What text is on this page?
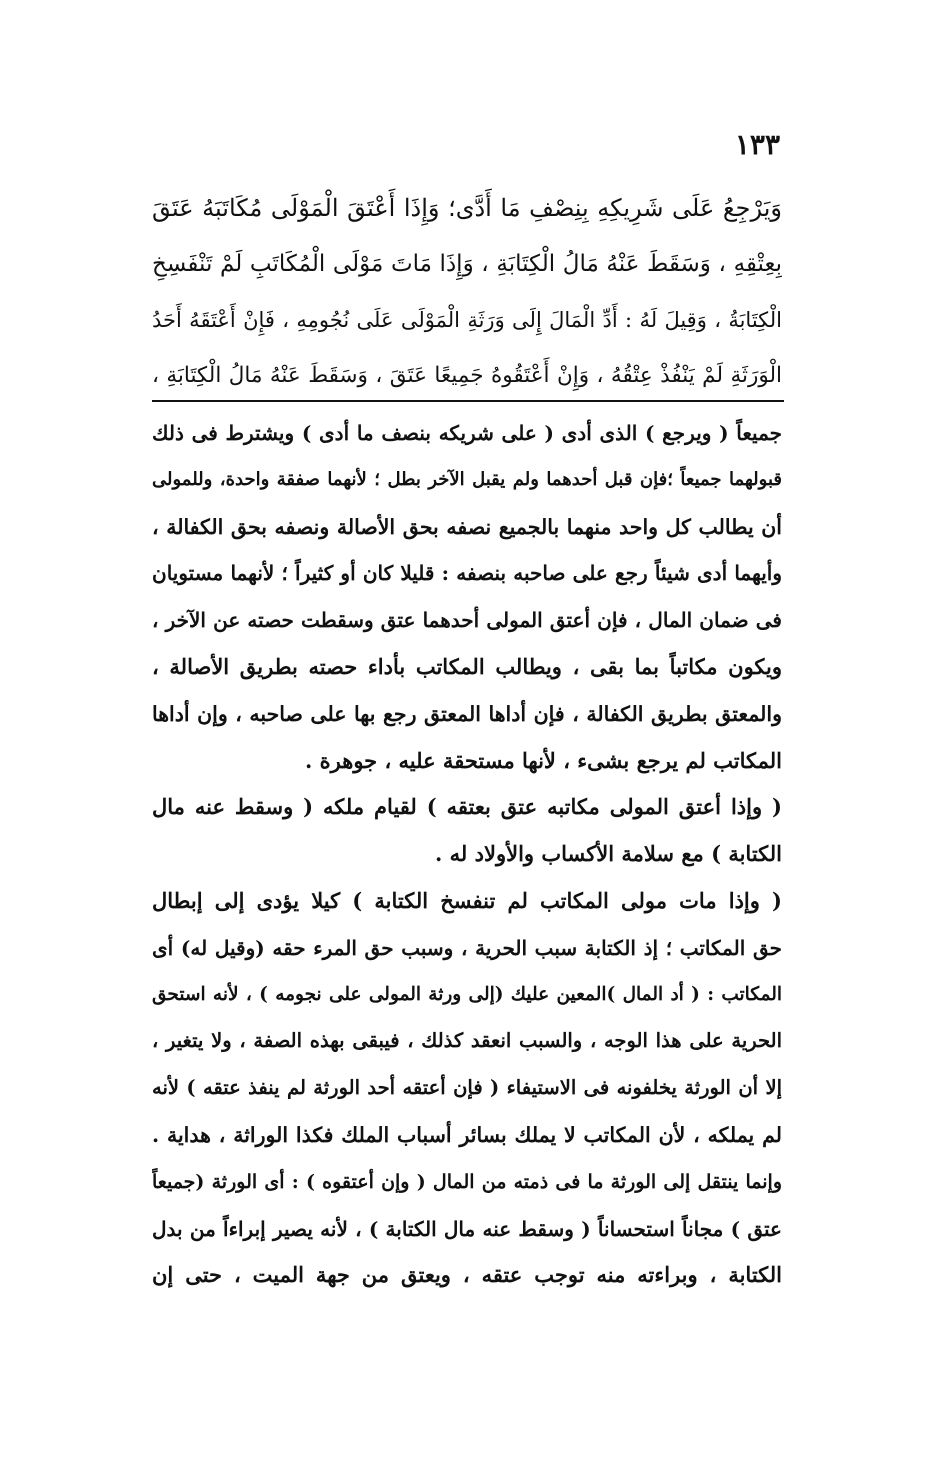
١٣٣
وَيَرْجِعُ عَلَى شَرِيكِهِ بِنِصْفِ مَا أَدَّى؛ وَإِذَا أَعْتَقَ الْمَوْلَى مُكَاتَبَهُ عَتَقَ
بِعِتْقِهِ ، وَسَقَطَ عَنْهُ مَالُ الْكِتَابَةِ ، وَإِذَا مَاتَ مَوْلَى الْمُكَاتَبِ لَمْ تَنْفَسِخِ
الْكِتَابَةُ ، وَقِيلَ لَهُ : أَدِّ الْمَالَ إِلَى وَرَثَةِ الْمَوْلَى عَلَى نُجُومِهِ ، فَإِنْ أَعْتَقَهُ أَحَدُ
الْوَرَثَةِ لَمْ يَنْفُذْ عِتْقُهُ ، وَإِنْ أَعْتَقُوهُ جَمِيعًا عَتَقَ ، وَسَقَطَ عَنْهُ مَالُ الْكِتَابَةِ ،
جميعاً ( ويرجع ) الذى أدى ( على شريكه بنصف ما أدى ) ويشترط فى ذلك
قبولهما جميعاً ؛فإن قبل أحدهما ولم يقبل الآخر بطل ؛ لأنهما صفقة واحدة، وللمولى
أن يطالب كل واحد منهما بالجميع نصفه بحق الأصالة ونصفه بحق الكفالة ،
وأيهما أدى شيئاً رجع على صاحبه بنصفه : قليلا كان أو كثيراً ؛ لأنهما مستويان
فى ضمان المال ، فإن أعتق المولى أحدهما عتق وسقطت حصته عن الآخر ،
ويكون مكاتباً بما بقى ، ويطالب المكاتب بأداء حصته بطريق الأصالة ،
والمعتق بطريق الكفالة ، فإن أداها المعتق رجع بها على صاحبه ، وإن أداها
المكاتب لم يرجع بشىء ، لأنها مستحقة عليه ، جوهرة .
( وإذا أعتق المولى مكاتبه عتق بعتقه ) لقيام ملكه ( وسقط عنه مال
الكتابة ) مع سلامة الأكساب والأولاد له .
( وإذا مات مولى المكاتب لم تنفسخ الكتابة ) كيلا يؤدى إلى إبطال
حق المكاتب ؛ إذ الكتابة سبب الحرية ، وسبب حق المرء حقه (وقيل له) أى
المكاتب : ( أد المال )المعين عليك (إلى ورثة المولى على نجومه ) ، لأنه استحق
الحرية على هذا الوجه ، والسبب انعقد كذلك ، فيبقى بهذه الصفة ، ولا يتغير ،
إلا أن الورثة يخلفونه فى الاستيفاء ( فإن أعتقه أحد الورثة لم ينفذ عتقه ) لأنه
لم يملكه ، لأن المكاتب لا يملك بسائر أسباب الملك فكذا الوراثة ، هداية .
وإنما ينتقل إلى الورثة ما فى ذمته من المال ( وإن أعتقوه ) : أى الورثة (جميعاً
عتق ) مجاناً استحساناً ( وسقط عنه مال الكتابة ) ، لأنه يصير إبراءاً من بدل
الكتابة ، وبراءته منه توجب عتقه ، ويعتق من جهة الميت ، حتى إن
